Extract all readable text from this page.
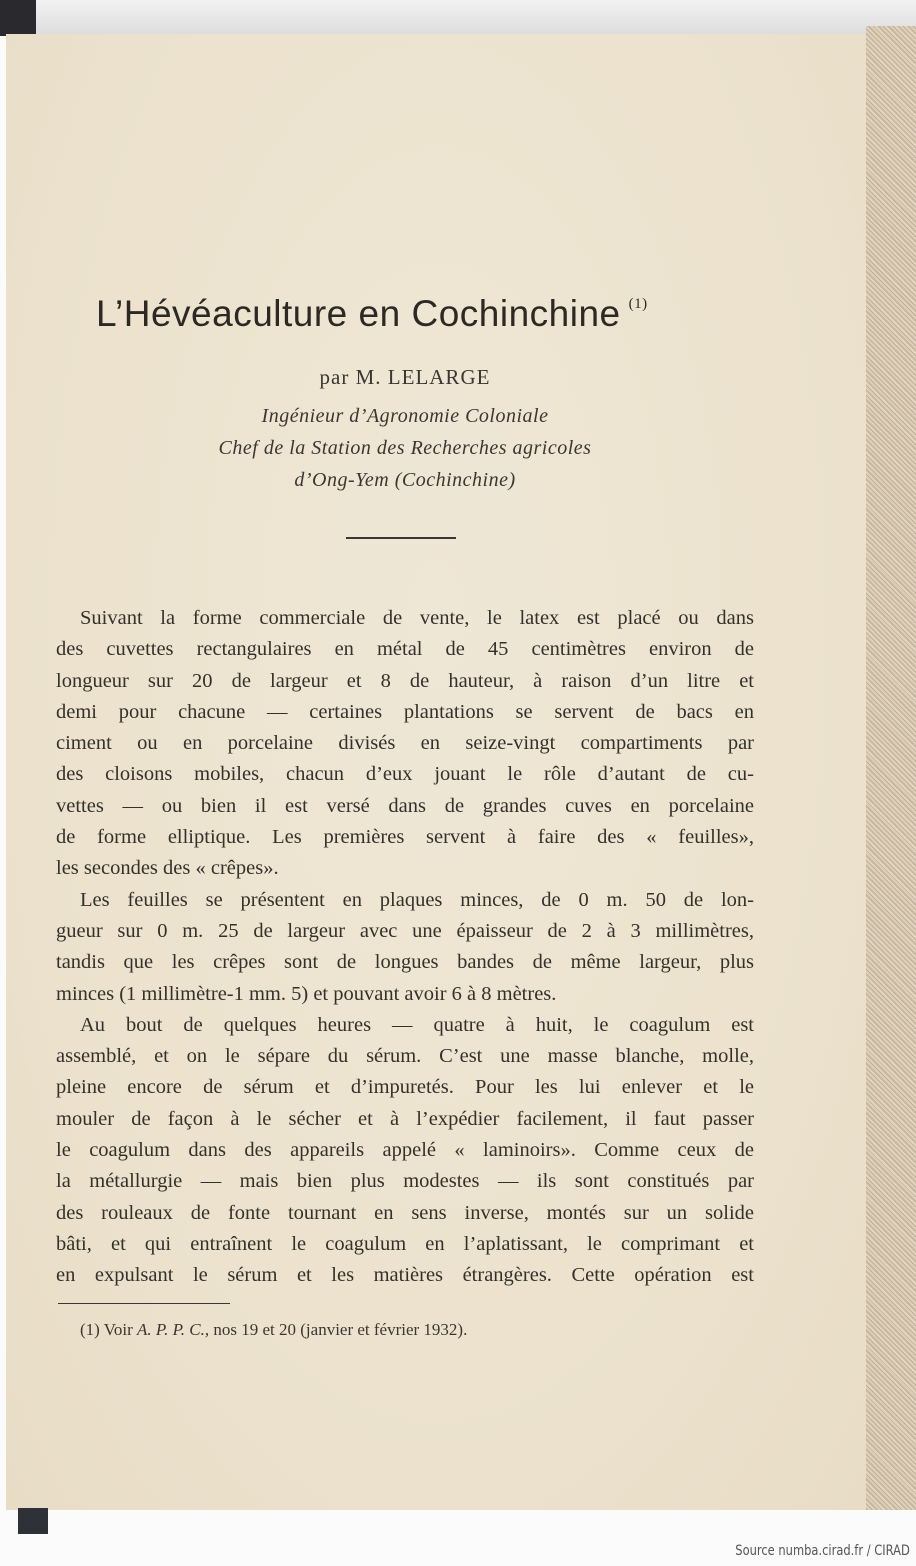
L’Hévéaculture en Cochinchine $^{(1)}$
par M. LELARGE
Ingénieur d’Agronomie Coloniale
Chef de la Station des Recherches agricoles
d’Ong-Yem (Cochinchine)
Suivant la forme commerciale de vente, le latex est placé ou dans
des cuvettes rectangulaires en métal de 45 centimètres environ de
longueur sur 20 de largeur et 8 de hauteur, à raison d’un litre et
demi pour chacune — certaines plantations se servent de bacs en
ciment ou en porcelaine divisés en seize-vingt compartiments par
des cloisons mobiles, chacun d’eux jouant le rôle d’autant de cu-
vettes — ou bien il est versé dans de grandes cuves en porcelaine
de forme elliptique. Les premières servent à faire des « feuilles»,
les secondes des « crêpes».
Les feuilles se présentent en plaques minces, de 0 m. 50 de lon-
gueur sur 0 m. 25 de largeur avec une épaisseur de 2 à 3 millimètres,
tandis que les crêpes sont de longues bandes de même largeur, plus
minces (1 millimètre-1 mm. 5) et pouvant avoir 6 à 8 mètres.
Au bout de quelques heures — quatre à huit, le coagulum est
assemblé, et on le sépare du sérum. C’est une masse blanche, molle,
pleine encore de sérum et d’impuretés. Pour les lui enlever et le
mouler de façon à le sécher et à l’expédier facilement, il faut passer
le coagulum dans des appareils appelé « laminoirs». Comme ceux de
la métallurgie — mais bien plus modestes — ils sont constitués par
des rouleaux de fonte tournant en sens inverse, montés sur un solide
bâti, et qui entraînent le coagulum en l’aplatissant, le comprimant et
en expulsant le sérum et les matières étrangères. Cette opération est
(1) Voir A. P. P. C., nos 19 et 20 (janvier et février 1932).
Source numba.cirad.fr / CIRAD
